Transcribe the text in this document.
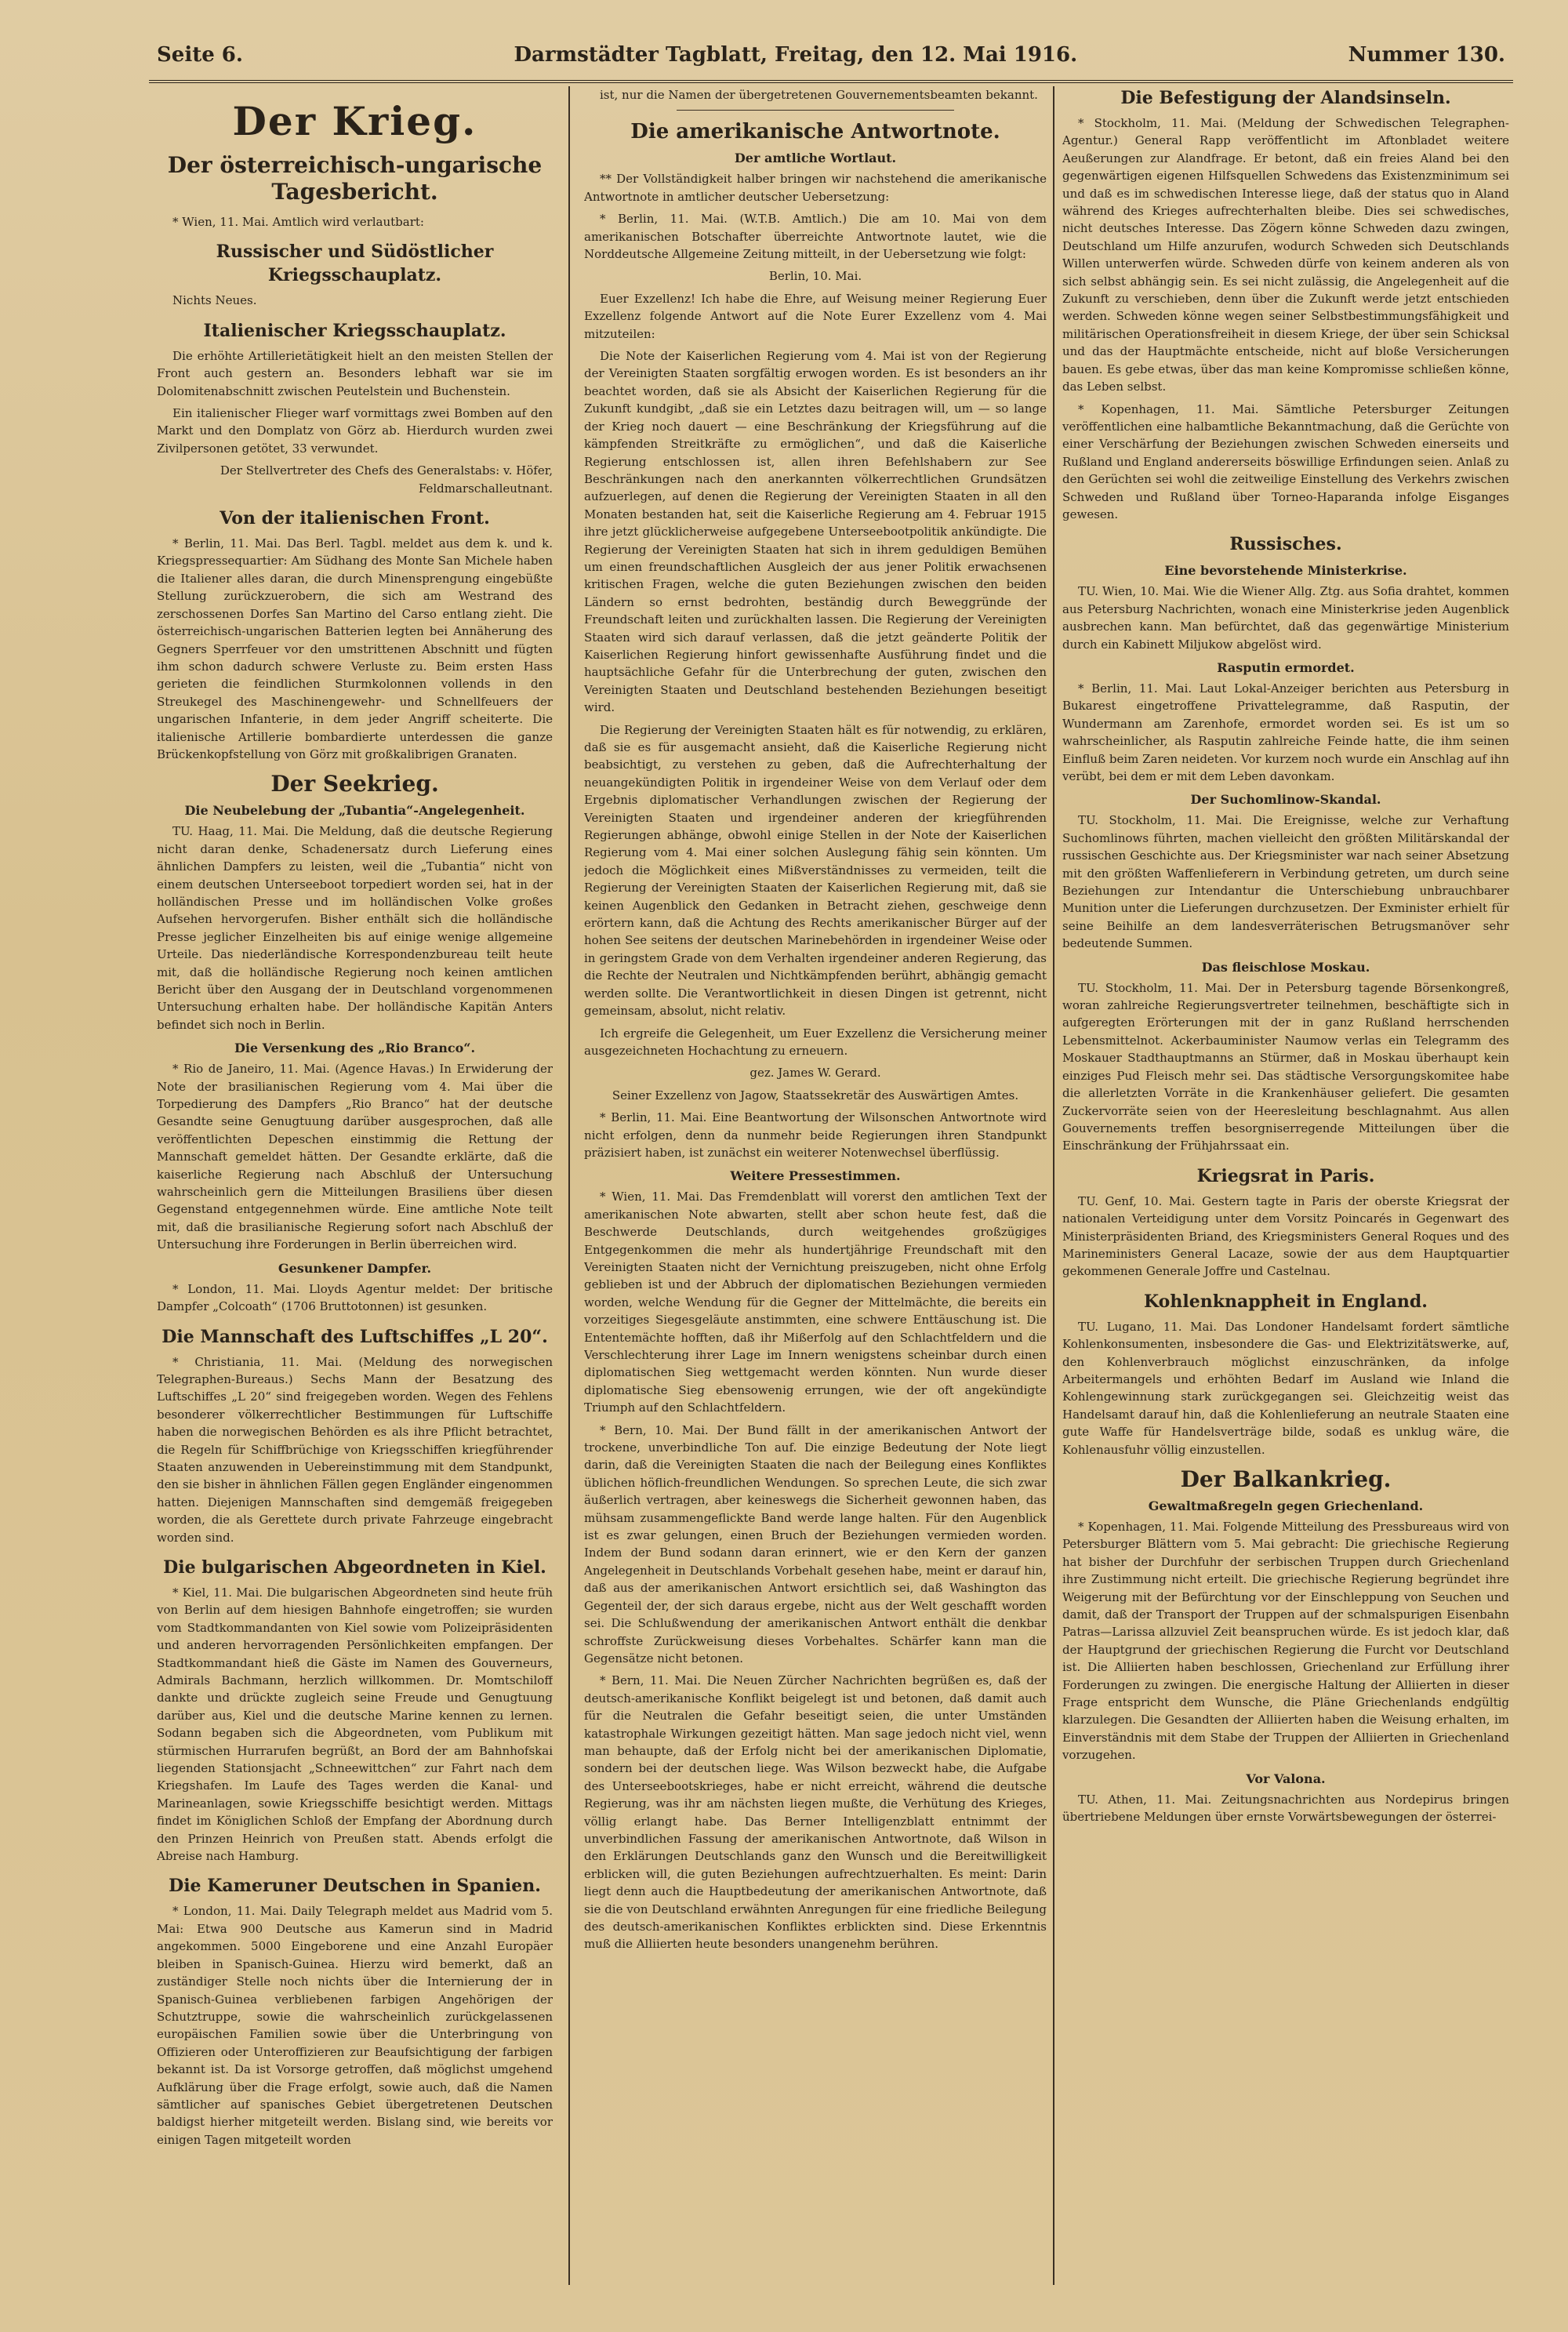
Seite 6.	Darmstädter Tagblatt, Freitag, den 12. Mai 1916.	Nummer 130.
Der Krieg.
Der österreichisch-ungarische Tagesbericht.

* Wien, 11. Mai. Amtlich wird verlautbart:

Russischer und Südöstlicher Kriegsschauplatz.

Nichts Neues.

Italienischer Kriegsschauplatz.

Die erhöhte Artillerietätigkeit hielt an den meisten Stellen der Front auch gestern an. Besonders lebhaft war sie im Dolomitenabschnitt zwischen Peutelstein und Buchenstein.

Ein italienischer Flieger warf vormittags zwei Bomben auf den Markt und den Domplatz von Görz ab. Hierdurch wurden zwei Zivilpersonen getötet, 33 verwundet.

Der Stellvertreter des Chefs des Generalstabs: v. Höfer, Feldmarschalleutnant.

Von der italienischen Front.

* Berlin, 11. Mai. Das Berl. Tagbl. meldet aus dem k. und k. Kriegspressequartier: Am Südhang des Monte San Michele haben die Italiener alles daran, die durch Minensprengung eingebüßte Stellung zurückzuerobern, die sich am Westrand des zerschossenen Dorfes San Martino del Carso entlang zieht. Die österreichisch-ungarischen Batterien legten bei Annäherung des Gegners Sperrfeuer vor den umstrittenen Abschnitt und fügten ihm schon dadurch schwere Verluste zu. Beim ersten Hass gerieten die feindlichen Sturmkolonnen vollends in den Streukegel des Maschinengewehr- und Schnellfeuers der ungarischen Infanterie, in dem jeder Angriff scheiterte. Die italienische Artillerie bombardierte unterdessen die ganze Brückenkopfstellung von Görz mit großkalibrigen Granaten.

Der Seekrieg.
Die Neubelebung der „Tubantia“-Angelegenheit.

TU. Haag, 11. Mai. Die Meldung, daß die deutsche Regierung nicht daran denke, Schadenersatz durch Lieferung eines ähnlichen Dampfers zu leisten, weil die „Tubantia“ nicht von einem deutschen Unterseeboot torpediert worden sei, hat in der holländischen Presse und im holländischen Volke großes Aufsehen hervorgerufen. Bisher enthält sich die holländische Presse jeglicher Einzelheiten bis auf einige wenige allgemeine Urteile. Das niederländische Korrespondenzbureau teilt heute mit, daß die holländische Regierung noch keinen amtlichen Bericht über den Ausgang der in Deutschland vorgenommenen Untersuchung erhalten habe. Der holländische Kapitän Anters befindet sich noch in Berlin.

Die Versenkung des „Rio Branco“.

* Rio de Janeiro, 11. Mai. (Agence Havas.) In Erwiderung der Note der brasilianischen Regierung vom 4. Mai über die Torpedierung des Dampfers „Rio Branco“ hat der deutsche Gesandte seine Genugtuung darüber ausgesprochen, daß alle veröffentlichten Depeschen einstimmig die Rettung der Mannschaft gemeldet hätten. Der Gesandte erklärte, daß die kaiserliche Regierung nach Abschluß der Untersuchung wahrscheinlich gern die Mitteilungen Brasiliens über diesen Gegenstand entgegennehmen würde. Eine amtliche Note teilt mit, daß die brasilianische Regierung sofort nach Abschluß der Untersuchung ihre Forderungen in Berlin überreichen wird.

Gesunkener Dampfer.

* London, 11. Mai. Lloyds Agentur meldet: Der britische Dampfer „Colcoath“ (1706 Bruttotonnen) ist gesunken.

Die Mannschaft des Luftschiffes „L 20“.

* Christiania, 11. Mai. (Meldung des norwegischen Telegraphen-Bureaus.) Sechs Mann der Besatzung des Luftschiffes „L 20“ sind freigegeben worden. Wegen des Fehlens besonderer völkerrechtlicher Bestimmungen für Luftschiffe haben die norwegischen Behörden es als ihre Pflicht betrachtet, die Regeln für Schiffbrüchige von Kriegsschiffen kriegführender Staaten anzuwenden in Uebereinstimmung mit dem Standpunkt, den sie bisher in ähnlichen Fällen gegen Engländer eingenommen hatten. Diejenigen Mannschaften sind demgemäß freigegeben worden, die als Gerettete durch private Fahrzeuge eingebracht worden sind.

Die bulgarischen Abgeordneten in Kiel.

* Kiel, 11. Mai. Die bulgarischen Abgeordneten sind heute früh von Berlin auf dem hiesigen Bahnhofe eingetroffen; sie wurden vom Stadtkommandanten von Kiel sowie vom Polizeipräsidenten und anderen hervorragenden Persönlichkeiten empfangen. Der Stadtkommandant hieß die Gäste im Namen des Gouverneurs, Admirals Bachmann, herzlich willkommen. Dr. Momtschiloff dankte und drückte zugleich seine Freude und Genugtuung darüber aus, Kiel und die deutsche Marine kennen zu lernen. Sodann begaben sich die Abgeordneten, vom Publikum mit stürmischen Hurrarufen begrüßt, an Bord der am Bahnhofskai liegenden Stationsjacht „Schneewittchen“ zur Fahrt nach dem Kriegshafen. Im Laufe des Tages werden die Kanal- und Marineanlagen, sowie Kriegsschiffe besichtigt werden. Mittags findet im Königlichen Schloß der Empfang der Abordnung durch den Prinzen Heinrich von Preußen statt. Abends erfolgt die Abreise nach Hamburg.

Die Kameruner Deutschen in Spanien.

* London, 11. Mai. Daily Telegraph meldet aus Madrid vom 5. Mai: Etwa 900 Deutsche aus Kamerun sind in Madrid angekommen. 5000 Eingeborene und eine Anzahl Europäer bleiben in Spanisch-Guinea. Hierzu wird bemerkt, daß an zuständiger Stelle noch nichts über die Internierung der in Spanisch-Guinea verbliebenen farbigen Angehörigen der Schutztruppe, sowie die wahrscheinlich zurückgelassenen europäischen Familien sowie über die Unterbringung von Offizieren oder Unteroffizieren zur Beaufsichtigung der farbigen bekannt ist. Da ist Vorsorge getroffen, daß möglichst umgehend Aufklärung über die Frage erfolgt, sowie auch, daß die Namen sämtlicher auf spanisches Gebiet übergetretenen Deutschen baldigst hierher mitgeteilt werden. Bislang sind, wie bereits vor einigen Tagen mitgeteilt worden

ist, nur die Namen der übergetretenen Gouvernementsbeamten bekannt.

Die amerikanische Antwortnote.
Der amtliche Wortlaut.

** Der Vollständigkeit halber bringen wir nachstehend die amerikanische Antwortnote in amtlicher deutscher Uebersetzung:

* Berlin, 11. Mai. (W.T.B. Amtlich.) Die am 10. Mai von dem amerikanischen Botschafter überreichte Antwortnote lautet, wie die Norddeutsche Allgemeine Zeitung mitteilt, in der Uebersetzung wie folgt:

Berlin, 10. Mai.

Euer Exzellenz! Ich habe die Ehre, auf Weisung meiner Regierung Euer Exzellenz folgende Antwort auf die Note Eurer Exzellenz vom 4. Mai mitzuteilen:

Die Note der Kaiserlichen Regierung vom 4. Mai ist von der Regierung der Vereinigten Staaten sorgfältig erwogen worden. Es ist besonders an ihr beachtet worden, daß sie als Absicht der Kaiserlichen Regierung für die Zukunft kundgibt, „daß sie ein Letztes dazu beitragen will, um — so lange der Krieg noch dauert — eine Beschränkung der Kriegsführung auf die kämpfenden Streitkräfte zu ermöglichen“, und daß die Kaiserliche Regierung entschlossen ist, allen ihren Befehlshabern zur See Beschränkungen nach den anerkannten völkerrechtlichen Grundsätzen aufzuerlegen, auf denen die Regierung der Vereinigten Staaten in all den Monaten bestanden hat, seit die Kaiserliche Regierung am 4. Februar 1915 ihre jetzt glücklicherweise aufgegebene Unterseebootpolitik ankündigte. Die Regierung der Vereinigten Staaten hat sich in ihrem geduldigen Bemühen um einen freundschaftlichen Ausgleich der aus jener Politik erwachsenen kritischen Fragen, welche die guten Beziehungen zwischen den beiden Ländern so ernst bedrohten, beständig durch Beweggründe der Freundschaft leiten und zurückhalten lassen. Die Regierung der Vereinigten Staaten wird sich darauf verlassen, daß die jetzt geänderte Politik der Kaiserlichen Regierung hinfort gewissenhafte Ausführung findet und die hauptsächliche Gefahr für die Unterbrechung der guten, zwischen den Vereinigten Staaten und Deutschland bestehenden Beziehungen beseitigt wird.

Die Regierung der Vereinigten Staaten hält es für notwendig, zu erklären, daß sie es für ausgemacht ansieht, daß die Kaiserliche Regierung nicht beabsichtigt, zu verstehen zu geben, daß die Aufrechterhaltung der neuangekündigten Politik in irgendeiner Weise von dem Verlauf oder dem Ergebnis diplomatischer Verhandlungen zwischen der Regierung der Vereinigten Staaten und irgendeiner anderen der kriegführenden Regierungen abhänge, obwohl einige Stellen in der Note der Kaiserlichen Regierung vom 4. Mai einer solchen Auslegung fähig sein könnten. Um jedoch die Möglichkeit eines Mißverständnisses zu vermeiden, teilt die Regierung der Vereinigten Staaten der Kaiserlichen Regierung mit, daß sie keinen Augenblick den Gedanken in Betracht ziehen, geschweige denn erörtern kann, daß die Achtung des Rechts amerikanischer Bürger auf der hohen See seitens der deutschen Marinebehörden in irgendeiner Weise oder in geringstem Grade von dem Verhalten irgendeiner anderen Regierung, das die Rechte der Neutralen und Nichtkämpfenden berührt, abhängig gemacht werden sollte. Die Verantwortlichkeit in diesen Dingen ist getrennt, nicht gemeinsam, absolut, nicht relativ.

Ich ergreife die Gelegenheit, um Euer Exzellenz die Versicherung meiner ausgezeichneten Hochachtung zu erneuern.

gez. James W. Gerard.

Seiner Exzellenz von Jagow, Staatssekretär des Auswärtigen Amtes.

* Berlin, 11. Mai. Eine Beantwortung der Wilsonschen Antwortnote wird nicht erfolgen, denn da nunmehr beide Regierungen ihren Standpunkt präzisiert haben, ist zunächst ein weiterer Notenwechsel überflüssig.

Weitere Pressestimmen.

* Wien, 11. Mai. Das Fremdenblatt will vorerst den amtlichen Text der amerikanischen Note abwarten, stellt aber schon heute fest, daß die Beschwerde Deutschlands, durch weitgehendes großzügiges Entgegenkommen die mehr als hundertjährige Freundschaft mit den Vereinigten Staaten nicht der Vernichtung preiszugeben, nicht ohne Erfolg geblieben ist und der Abbruch der diplomatischen Beziehungen vermieden worden, welche Wendung für die Gegner der Mittelmächte, die bereits ein vorzeitiges Siegesgeläute anstimmten, eine schwere Enttäuschung ist. Die Ententemächte hofften, daß ihr Mißerfolg auf den Schlachtfeldern und die Verschlechterung ihrer Lage im Innern wenigstens scheinbar durch einen diplomatischen Sieg wettgemacht werden könnten. Nun wurde dieser diplomatische Sieg ebensowenig errungen, wie der oft angekündigte Triumph auf den Schlachtfeldern.

* Bern, 10. Mai. Der Bund fällt in der amerikanischen Antwort der trockene, unverbindliche Ton auf. Die einzige Bedeutung der Note liegt darin, daß die Vereinigten Staaten die nach der Beilegung eines Konfliktes üblichen höflich-freundlichen Wendungen. So sprechen Leute, die sich zwar äußerlich vertragen, aber keineswegs die Sicherheit gewonnen haben, das mühsam zusammengeflickte Band werde lange halten. Für den Augenblick ist es zwar gelungen, einen Bruch der Beziehungen vermieden worden. Indem der Bund sodann daran erinnert, wie er den Kern der ganzen Angelegenheit in Deutschlands Vorbehalt gesehen habe, meint er darauf hin, daß aus der amerikanischen Antwort ersichtlich sei, daß Washington das Gegenteil der, der sich daraus ergebe, nicht aus der Welt geschafft worden sei. Die Schlußwendung der amerikanischen Antwort enthält die denkbar schroffste Zurückweisung dieses Vorbehaltes. Schärfer kann man die Gegensätze nicht betonen.

* Bern, 11. Mai. Die Neuen Zürcher Nachrichten begrüßen es, daß der deutsch-amerikanische Konflikt beigelegt ist und betonen, daß damit auch für die Neutralen die Gefahr beseitigt seien, die unter Umständen katastrophale Wirkungen gezeitigt hätten. Man sage jedoch nicht viel, wenn man behaupte, daß der Erfolg nicht bei der amerikanischen Diplomatie, sondern bei der deutschen liege. Was Wilson bezweckt habe, die Aufgabe des Unterseebootskrieges, habe er nicht erreicht, während die deutsche Regierung, was ihr am nächsten liegen mußte, die Verhütung des Krieges, völlig erlangt habe. Das Berner Intelligenzblatt entnimmt der unverbindlichen Fassung der amerikanischen Antwortnote, daß Wilson in den Erklärungen Deutschlands ganz den Wunsch und die Bereitwilligkeit erblicken will, die guten Beziehungen aufrechtzuerhalten. Es meint: Darin liegt denn auch die Hauptbedeutung der amerikanischen Antwortnote, daß sie die von Deutschland erwähnten Anregungen für eine friedliche Beilegung des deutsch-amerikanischen Konfliktes erblickten sind. Diese Erkenntnis muß die Alliierten heute besonders unangenehm berühren.

Die Befestigung der Alandsinseln.

* Stockholm, 11. Mai. (Meldung der Schwedischen Telegraphen-Agentur.) General Rapp veröffentlicht im Aftonbladet weitere Aeußerungen zur Alandfrage. Er betont, daß ein freies Aland bei den gegenwärtigen eigenen Hilfsquellen Schwedens das Existenzminimum sei und daß es im schwedischen Interesse liege, daß der status quo in Aland während des Krieges aufrechterhalten bleibe. Dies sei schwedisches, nicht deutsches Interesse. Das Zögern könne Schweden dazu zwingen, Deutschland um Hilfe anzurufen, wodurch Schweden sich Deutschlands Willen unterwerfen würde. Schweden dürfe von keinem anderen als von sich selbst abhängig sein. Es sei nicht zulässig, die Angelegenheit auf die Zukunft zu verschieben, denn über die Zukunft werde jetzt entschieden werden. Schweden könne wegen seiner Selbstbestimmungsfähigkeit und militärischen Operationsfreiheit in diesem Kriege, der über sein Schicksal und das der Hauptmächte entscheide, nicht auf bloße Versicherungen bauen. Es gebe etwas, über das man keine Kompromisse schließen könne, das Leben selbst.

* Kopenhagen, 11. Mai. Sämtliche Petersburger Zeitungen veröffentlichen eine halbamtliche Bekanntmachung, daß die Gerüchte von einer Verschärfung der Beziehungen zwischen Schweden einerseits und Rußland und England andererseits böswillige Erfindungen seien. Anlaß zu den Gerüchten sei wohl die zeitweilige Einstellung des Verkehrs zwischen Schweden und Rußland über Torneo-Haparanda infolge Eisganges gewesen.

Russisches.
Eine bevorstehende Ministerkrise.

TU. Wien, 10. Mai. Wie die Wiener Allg. Ztg. aus Sofia drahtet, kommen aus Petersburg Nachrichten, wonach eine Ministerkrise jeden Augenblick ausbrechen kann. Man befürchtet, daß das gegenwärtige Ministerium durch ein Kabinett Miljukow abgelöst wird.

Rasputin ermordet.

* Berlin, 11. Mai. Laut Lokal-Anzeiger berichten aus Petersburg in Bukarest eingetroffene Privattelegramme, daß Rasputin, der Wundermann am Zarenhofe, ermordet worden sei. Es ist um so wahrscheinlicher, als Rasputin zahlreiche Feinde hatte, die ihm seinen Einfluß beim Zaren neideten. Vor kurzem noch wurde ein Anschlag auf ihn verübt, bei dem er mit dem Leben davonkam.

Der Suchomlinow-Skandal.

TU. Stockholm, 11. Mai. Die Ereignisse, welche zur Verhaftung Suchomlinows führten, machen vielleicht den größten Militärskandal der russischen Geschichte aus. Der Kriegsminister war nach seiner Absetzung mit den größten Waffenlieferern in Verbindung getreten, um durch seine Beziehungen zur Intendantur die Unterschiebung unbrauchbarer Munition unter die Lieferungen durchzusetzen. Der Exminister erhielt für seine Beihilfe an dem landesverräterischen Betrugsmanöver sehr bedeutende Summen.

Das fleischlose Moskau.

TU. Stockholm, 11. Mai. Der in Petersburg tagende Börsenkongreß, woran zahlreiche Regierungsvertreter teilnehmen, beschäftigte sich in aufgeregten Erörterungen mit der in ganz Rußland herrschenden Lebensmittelnot. Ackerbauminister Naumow verlas ein Telegramm des Moskauer Stadthauptmanns an Stürmer, daß in Moskau überhaupt kein einziges Pud Fleisch mehr sei. Das städtische Versorgungskomitee habe die allerletzten Vorräte in die Krankenhäuser geliefert. Die gesamten Zuckervorräte seien von der Heeresleitung beschlagnahmt. Aus allen Gouvernements treffen besorgniserregende Mitteilungen über die Einschränkung der Frühjahrssaat ein.

Kriegsrat in Paris.

TU. Genf, 10. Mai. Gestern tagte in Paris der oberste Kriegsrat der nationalen Verteidigung unter dem Vorsitz Poincarés in Gegenwart des Ministerpräsidenten Briand, des Kriegsministers General Roques und des Marineministers General Lacaze, sowie der aus dem Hauptquartier gekommenen Generale Joffre und Castelnau.

Kohlenknappheit in England.

TU. Lugano, 11. Mai. Das Londoner Handelsamt fordert sämtliche Kohlenkonsumenten, insbesondere die Gas- und Elektrizitätswerke, auf, den Kohlenverbrauch möglichst einzuschränken, da infolge Arbeitermangels und erhöhten Bedarf im Ausland wie Inland die Kohlengewinnung stark zurückgegangen sei. Gleichzeitig weist das Handelsamt darauf hin, daß die Kohlenlieferung an neutrale Staaten eine gute Waffe für Handelsverträge bilde, sodaß es unklug wäre, die Kohlenausfuhr völlig einzustellen.

Der Balkankrieg.
Gewaltmaßregeln gegen Griechenland.

* Kopenhagen, 11. Mai. Folgende Mitteilung des Pressbureaus wird von Petersburger Blättern vom 5. Mai gebracht: Die griechische Regierung hat bisher der Durchfuhr der serbischen Truppen durch Griechenland ihre Zustimmung nicht erteilt. Die griechische Regierung begründet ihre Weigerung mit der Befürchtung vor der Einschleppung von Seuchen und damit, daß der Transport der Truppen auf der schmalspurigen Eisenbahn Patras—Larissa allzuviel Zeit beanspruchen würde. Es ist jedoch klar, daß der Hauptgrund der griechischen Regierung die Furcht vor Deutschland ist. Die Alliierten haben beschlossen, Griechenland zur Erfüllung ihrer Forderungen zu zwingen. Die energische Haltung der Alliierten in dieser Frage entspricht dem Wunsche, die Pläne Griechenlands endgültig klarzulegen. Die Gesandten der Alliierten haben die Weisung erhalten, im Einverständnis mit dem Stabe der Truppen der Alliierten in Griechenland vorzugehen.

Vor Valona.

TU. Athen, 11. Mai. Zeitungsnachrichten aus Nordepirus bringen übertriebene Meldungen über ernste Vorwärtsbewegungen der österrei-
